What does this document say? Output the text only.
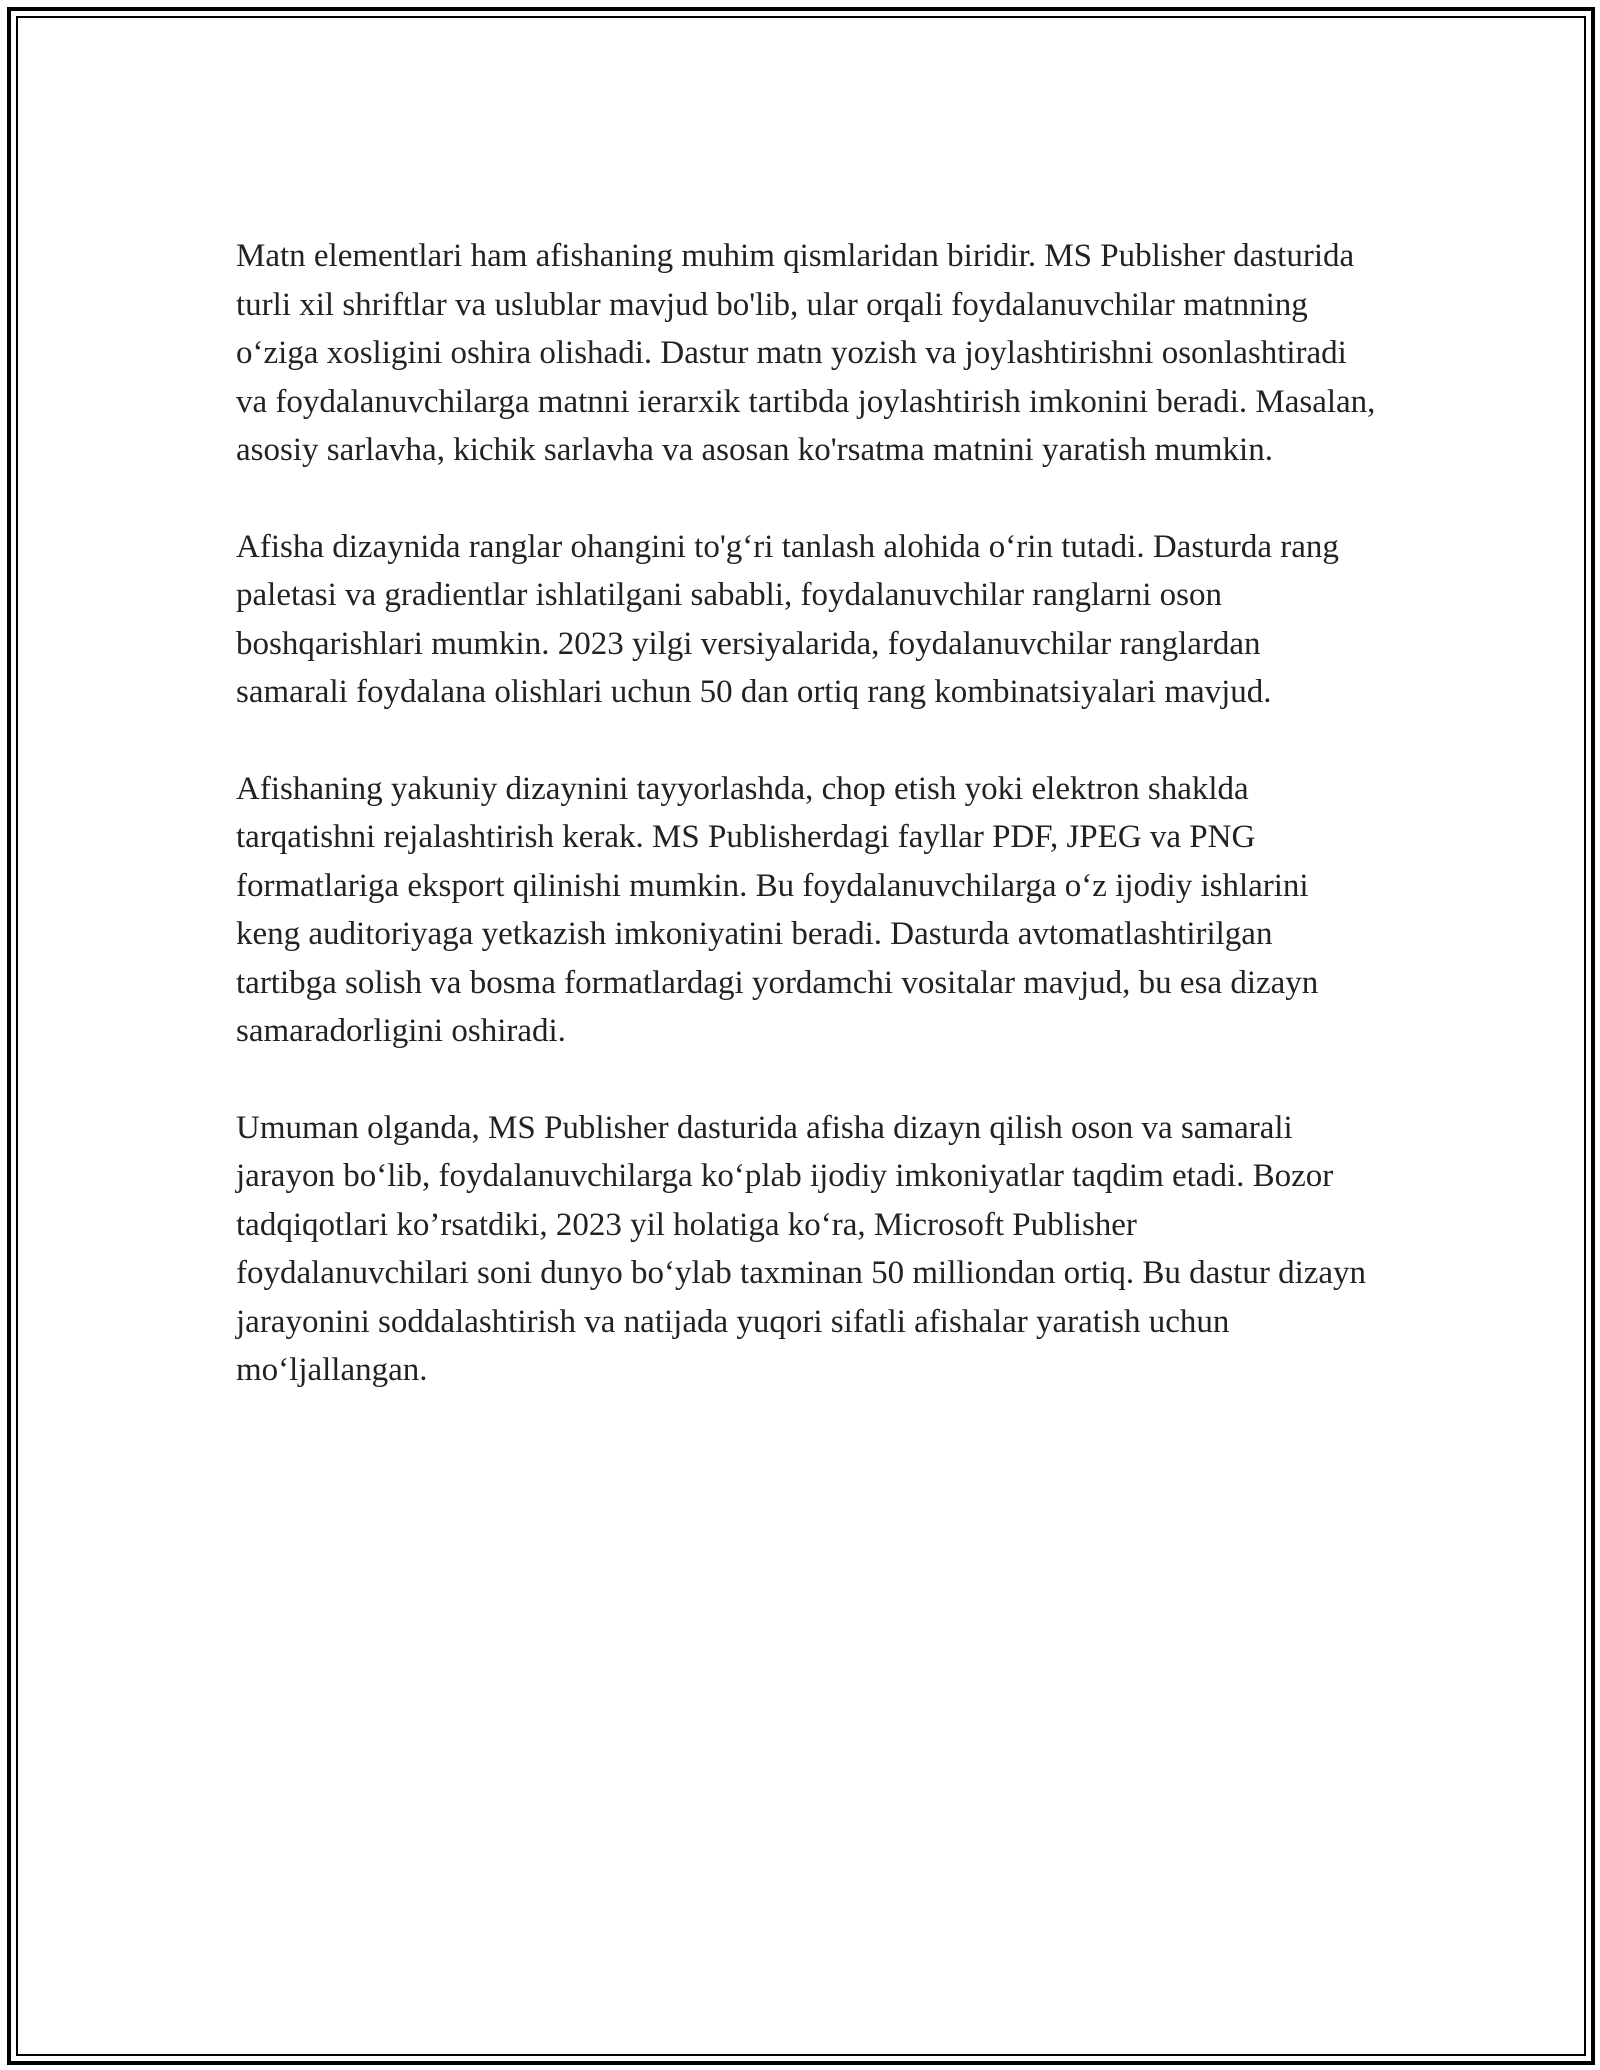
Matn elementlari ham afishaning muhim qismlaridan biridir. MS Publisher dasturida turli xil shriftlar va uslublar mavjud bo'lib, ular orqali foydalanuvchilar matnning o‘ziga xosligini oshira olishadi. Dastur matn yozish va joylashtirishni osonlashtiradi va foydalanuvchilarga matnni ierarxik tartibda joylashtirish imkonini beradi. Masalan, asosiy sarlavha, kichik sarlavha va asosan ko'rsatma matnini yaratish mumkin.

Afisha dizaynida ranglar ohangini to'g‘ri tanlash alohida o‘rin tutadi. Dasturda rang paletasi va gradientlar ishlatilgani sababli, foydalanuvchilar ranglarni oson boshqarishlari mumkin. 2023 yilgi versiyalarida, foydalanuvchilar ranglardan samarali foydalana olishlari uchun 50 dan ortiq rang kombinatsiyalari mavjud.

Afishaning yakuniy dizaynini tayyorlashda, chop etish yoki elektron shaklda tarqatishni rejalashtirish kerak. MS Publisherdagi fayllar PDF, JPEG va PNG formatlariga eksport qilinishi mumkin. Bu foydalanuvchilarga o‘z ijodiy ishlarini keng auditoriyaga yetkazish imkoniyatini beradi. Dasturda avtomatlashtirilgan tartibga solish va bosma formatlardagi yordamchi vositalar mavjud, bu esa dizayn samaradorligini oshiradi.

Umuman olganda, MS Publisher dasturida afisha dizayn qilish oson va samarali jarayon bo‘lib, foydalanuvchilarga ko‘plab ijodiy imkoniyatlar taqdim etadi. Bozor tadqiqotlari ko’rsatdiki, 2023 yil holatiga ko‘ra, Microsoft Publisher foydalanuvchilari soni dunyo bo‘ylab taxminan 50 milliondan ortiq. Bu dastur dizayn jarayonini soddalashtirish va natijada yuqori sifatli afishalar yaratish uchun mo‘ljallangan.
